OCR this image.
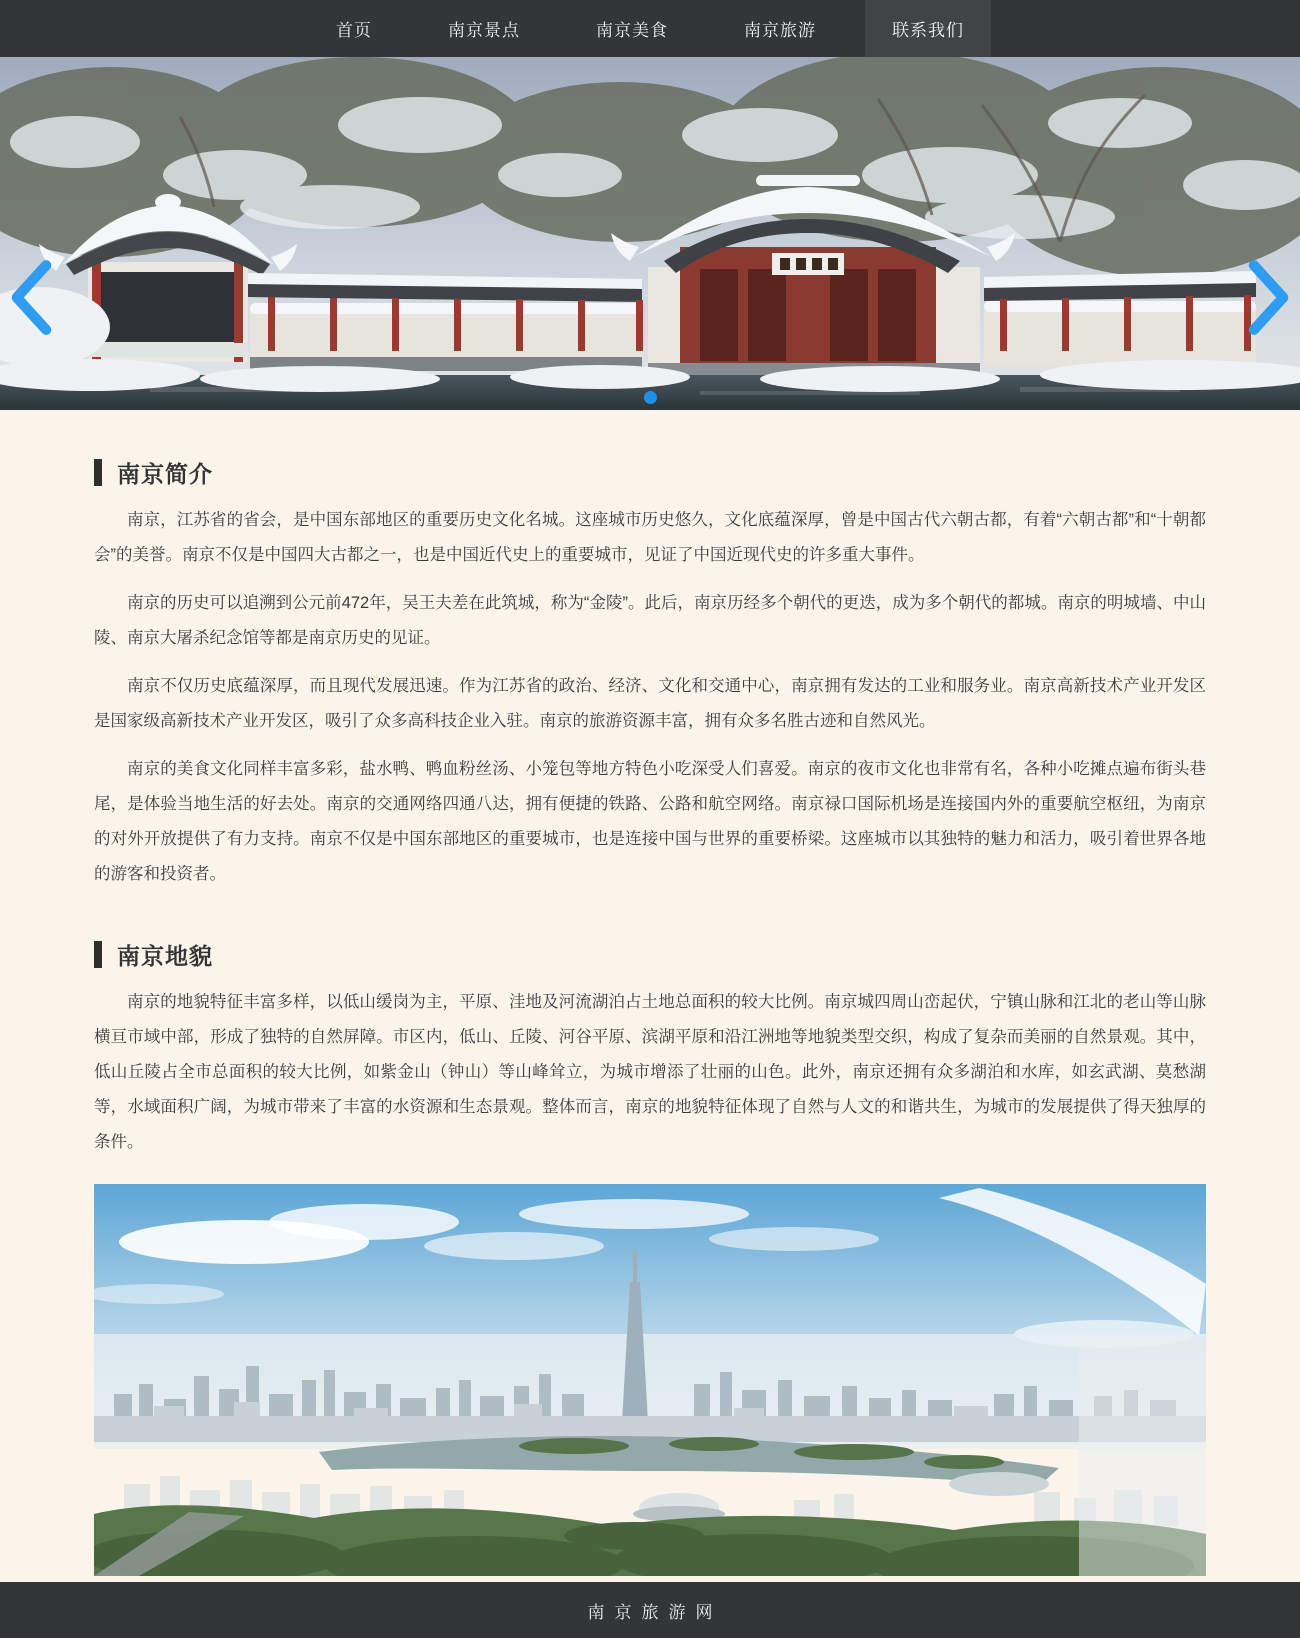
首页	南京景点	南京美食	南京旅游	联系我们
南京简介

南京，江苏省的省会，是中国东部地区的重要历史文化名城。这座城市历史悠久，文化底蕴深厚，曾是中国古代六朝古都，有着“六朝古都”和“十朝都会”的美誉。南京不仅是中国四大古都之一，也是中国近代史上的重要城市，见证了中国近现代史的许多重大事件。

南京的历史可以追溯到公元前472年，吴王夫差在此筑城，称为“金陵”。此后，南京历经多个朝代的更迭，成为多个朝代的都城。南京的明城墙、中山陵、南京大屠杀纪念馆等都是南京历史的见证。

南京不仅历史底蕴深厚，而且现代发展迅速。作为江苏省的政治、经济、文化和交通中心，南京拥有发达的工业和服务业。南京高新技术产业开发区是国家级高新技术产业开发区，吸引了众多高科技企业入驻。南京的旅游资源丰富，拥有众多名胜古迹和自然风光。

南京的美食文化同样丰富多彩，盐水鸭、鸭血粉丝汤、小笼包等地方特色小吃深受人们喜爱。南京的夜市文化也非常有名，各种小吃摊点遍布街头巷尾，是体验当地生活的好去处。南京的交通网络四通八达，拥有便捷的铁路、公路和航空网络。南京禄口国际机场是连接国内外的重要航空枢纽，为南京的对外开放提供了有力支持。南京不仅是中国东部地区的重要城市，也是连接中国与世界的重要桥梁。这座城市以其独特的魅力和活力，吸引着世界各地的游客和投资者。

南京地貌

南京的地貌特征丰富多样，以低山缓岗为主，平原、洼地及河流湖泊占土地总面积的较大比例。南京城四周山峦起伏，宁镇山脉和江北的老山等山脉横亘市域中部，形成了独特的自然屏障。市区内，低山、丘陵、河谷平原、滨湖平原和沿江洲地等地貌类型交织，构成了复杂而美丽的自然景观。其中，低山丘陵占全市总面积的较大比例，如紫金山（钟山）等山峰耸立，为城市增添了壮丽的山色。此外，南京还拥有众多湖泊和水库，如玄武湖、莫愁湖等，水域面积广阔，为城市带来了丰富的水资源和生态景观。整体而言，南京的地貌特征体现了自然与人文的和谐共生，为城市的发展提供了得天独厚的条件。

南京旅游网
